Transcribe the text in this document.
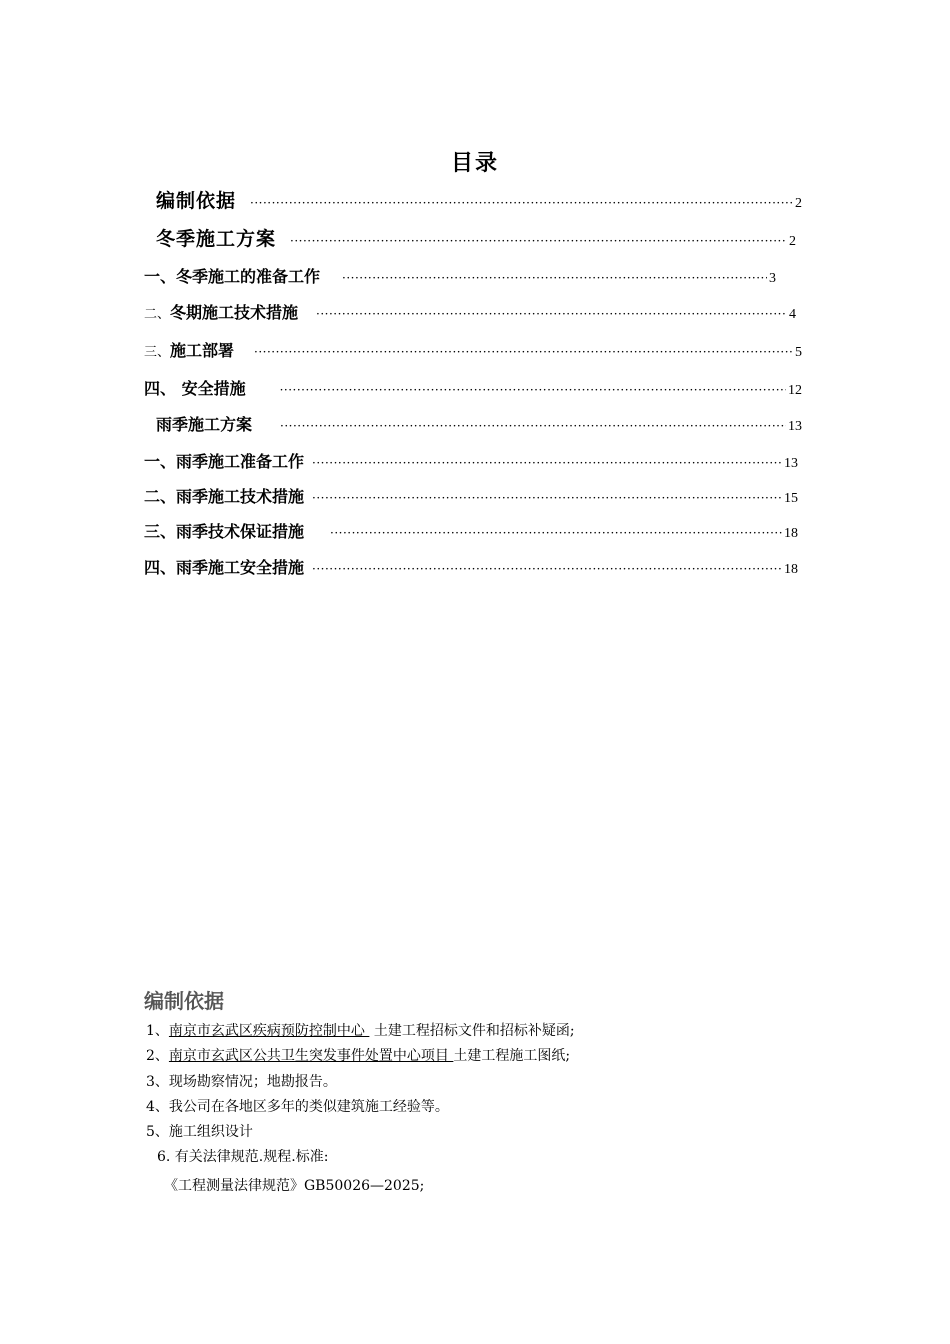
目录
编制依据 ·····	2
冬季施工方案 ·····	2
一、冬季施工的准备工作 ·····	3
二、 冬期施工技术措施 ·····	4
三、 施工部署 ·····	5
四、 安全措施 ·····	12
雨季施工方案 ·····	13
一、雨季施工准备工作 ·····	13
二、雨季施工技术措施 ·····	15
三、雨季技术保证措施 ·····	18
四、雨季施工安全措施 ·····	18
编制依据
1、南京市玄武区疾病预防控制中心  土建工程招标文件和招标补疑函;
2、南京市玄武区公共卫生突发事件处置中心项目 土建工程施工图纸;
3、现场勘察情况；地勘报告。
4、我公司在各地区多年的类似建筑施工经验等。
5、施工组织设计
6. 有关法律规范.规程.标准:
《工程测量法律规范》GB50026—2025;
